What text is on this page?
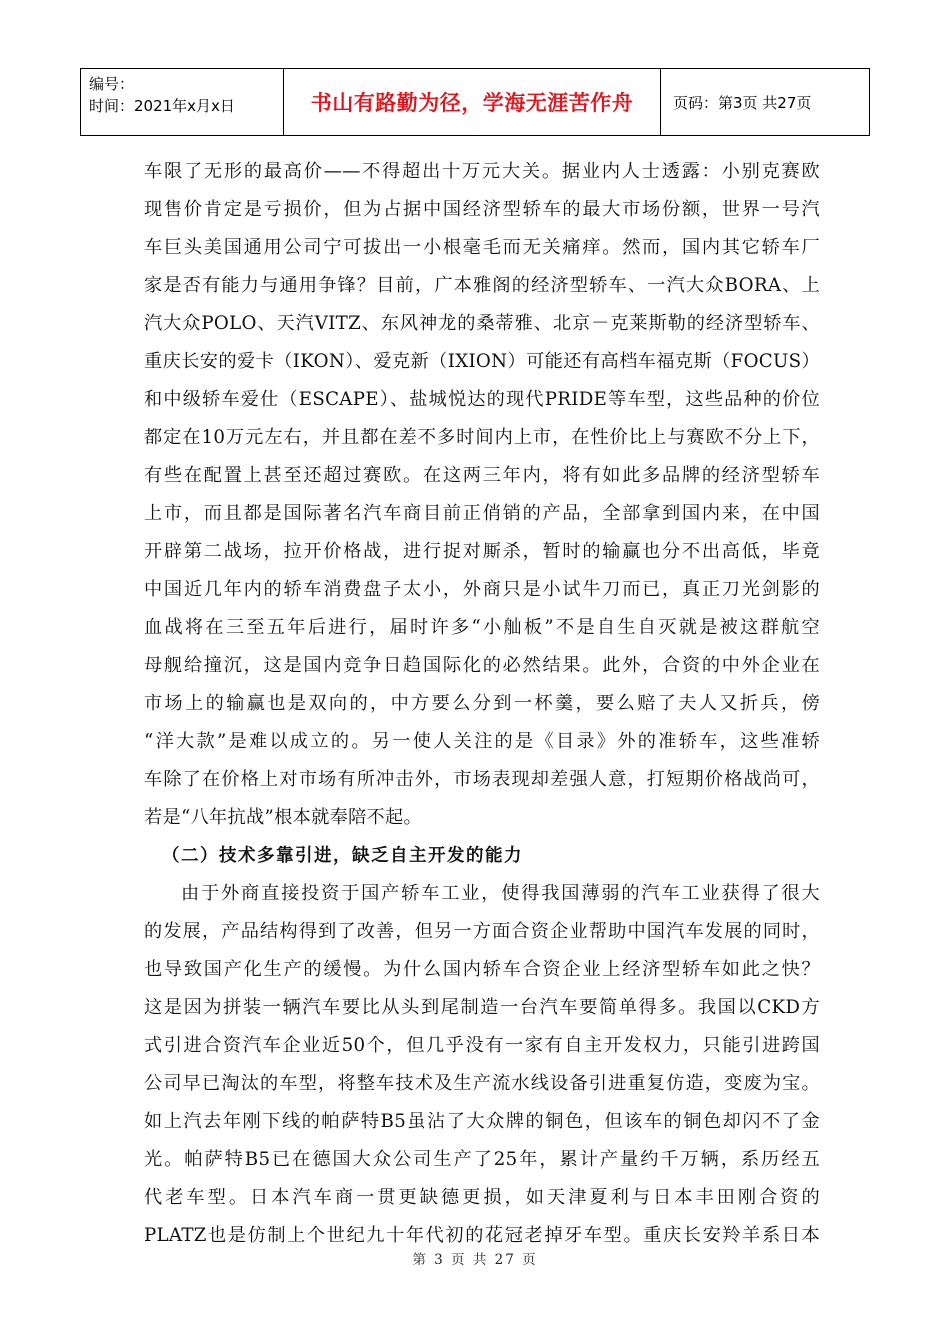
编号：
时间：2021年x月x日	书山有路勤为径，学海无涯苦作舟	页码：第3页 共27页
车限了无形的最高价——不得超出十万元大关。据业内人士透露：小别克赛欧
现售价肯定是亏损价，但为占据中国经济型轿车的最大市场份额，世界一号汽
车巨头美国通用公司宁可拔出一小根毫毛而无关痛痒。然而，国内其它轿车厂
家是否有能力与通用争锋？目前，广本雅阁的经济型轿车、一汽大众BORA、上
汽大众POLO、天汽VITZ、东风神龙的桑蒂雅、北京－克莱斯勒的经济型轿车、
重庆长安的爱卡（IKON）、爱克新（IXION）可能还有高档车福克斯（FOCUS）
和中级轿车爱仕（ESCAPE）、盐城悦达的现代PRIDE等车型，这些品种的价位
都定在10万元左右，并且都在差不多时间内上市，在性价比上与赛欧不分上下，
有些在配置上甚至还超过赛欧。在这两三年内，将有如此多品牌的经济型轿车
上市，而且都是国际著名汽车商目前正俏销的产品，全部拿到国内来，在中国
开辟第二战场，拉开价格战，进行捉对厮杀，暂时的输赢也分不出高低，毕竟
中国近几年内的轿车消费盘子太小，外商只是小试牛刀而已，真正刀光剑影的
血战将在三至五年后进行，届时许多“小舢板”不是自生自灭就是被这群航空
母舰给撞沉，这是国内竞争日趋国际化的必然结果。此外，合资的中外企业在
市场上的输赢也是双向的，中方要么分到一杯羹，要么赔了夫人又折兵，傍
“洋大款”是难以成立的。另一使人关注的是《目录》外的准轿车，这些准轿
车除了在价格上对市场有所冲击外，市场表现却差强人意，打短期价格战尚可，
若是“八年抗战”根本就奉陪不起。
（二）技术多靠引进，缺乏自主开发的能力
由于外商直接投资于国产轿车工业，使得我国薄弱的汽车工业获得了很大
的发展，产品结构得到了改善，但另一方面合资企业帮助中国汽车发展的同时，
也导致国产化生产的缓慢。为什么国内轿车合资企业上经济型轿车如此之快？
这是因为拼装一辆汽车要比从头到尾制造一台汽车要简单得多。我国以CKD方
式引进合资汽车企业近50个，但几乎没有一家有自主开发权力，只能引进跨国
公司早已淘汰的车型，将整车技术及生产流水线设备引进重复仿造，变废为宝。
如上汽去年刚下线的帕萨特B5虽沾了大众牌的铜色，但该车的铜色却闪不了金
光。帕萨特B5已在德国大众公司生产了25年，累计产量约千万辆，系历经五
代老车型。日本汽车商一贯更缺德更损，如天津夏利与日本丰田刚合资的
PLATZ也是仿制上个世纪九十年代初的花冠老掉牙车型。重庆长安羚羊系日本
第 3 页 共 27 页
